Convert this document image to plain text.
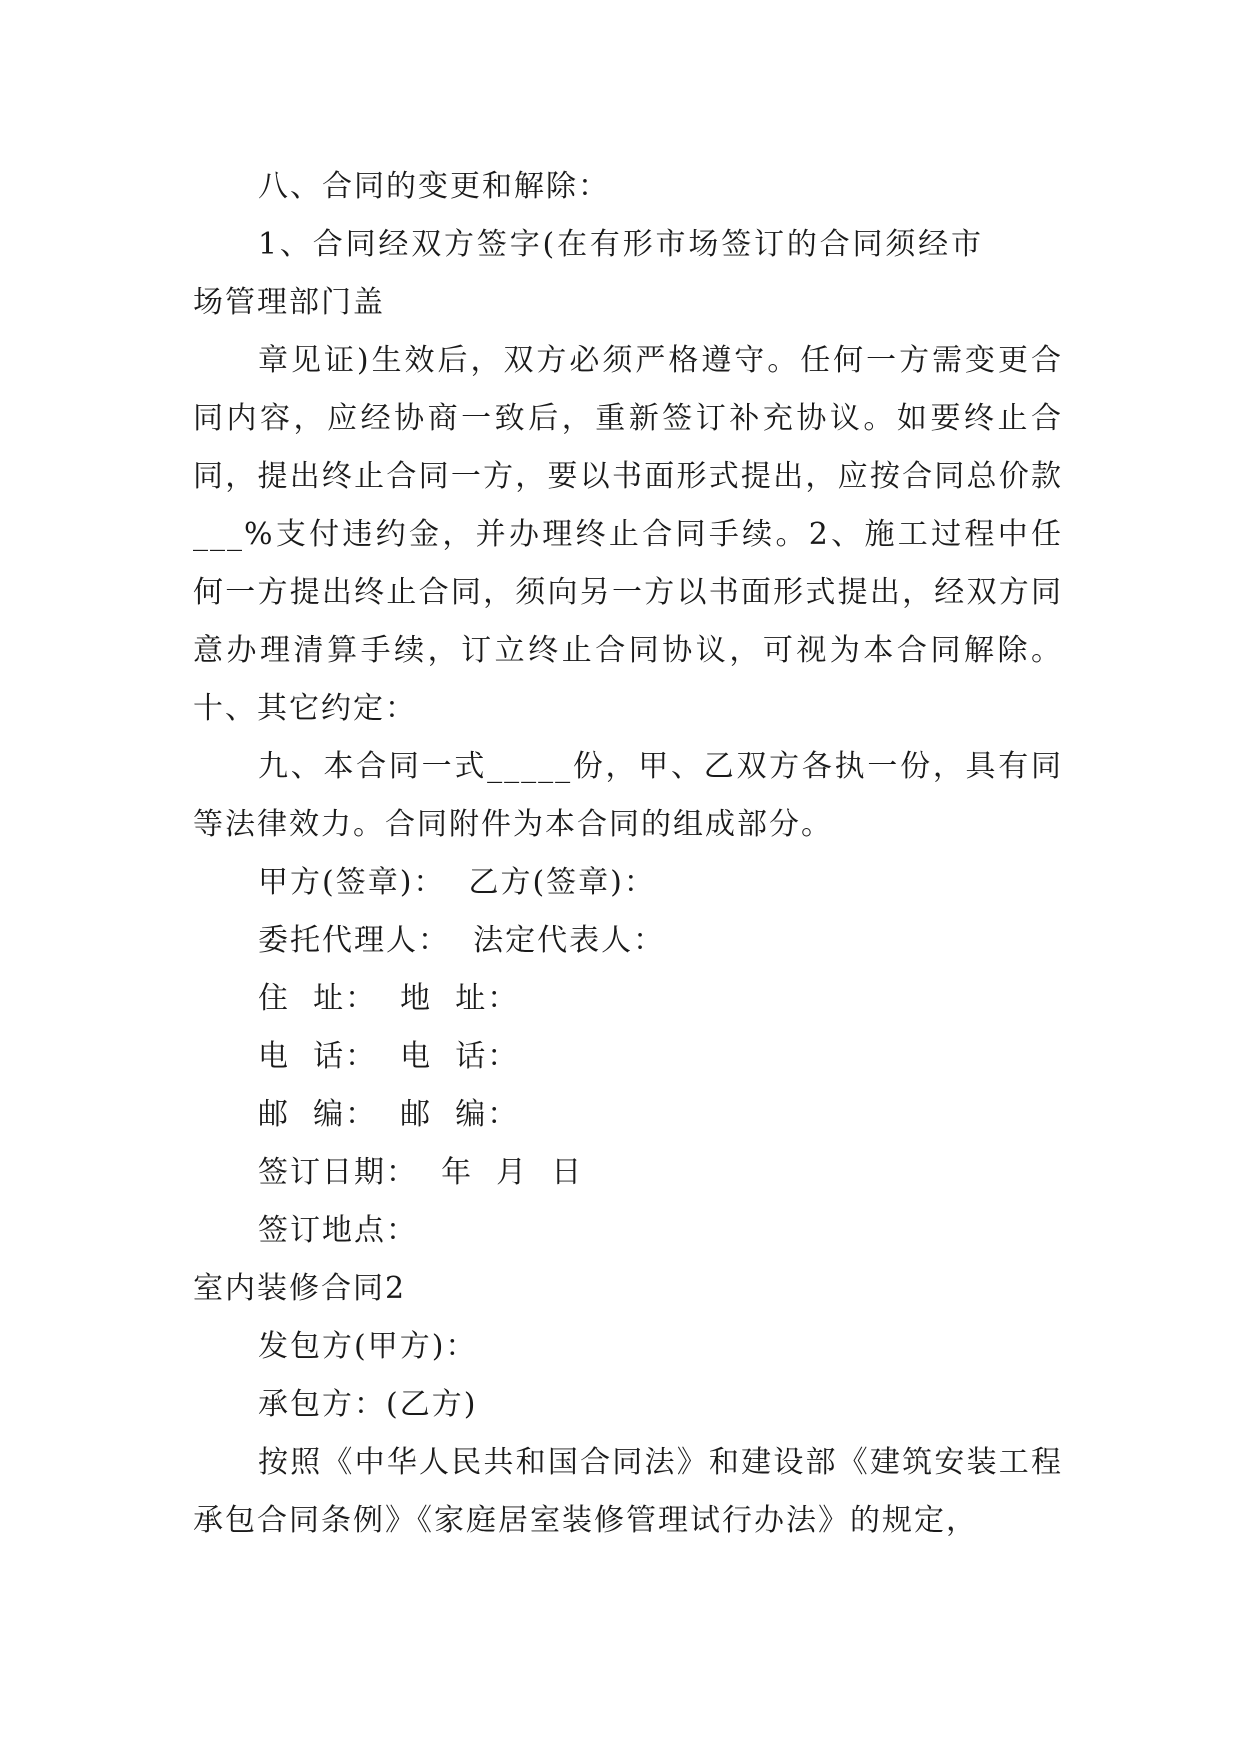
八、合同的变更和解除：

1、合同经双方签字(在有形市场签订的合同须经市场管理部门盖

章见证)生效后，双方必须严格遵守。任何一方需变更合同内容，应经协商一致后，重新签订补充协议。如要终止合同，提出终止合同一方，要以书面形式提出，应按合同总价款___%支付违约金，并办理终止合同手续。2、施工过程中任何一方提出终止合同，须向另一方以书面形式提出，经双方同意办理清算手续，订立终止合同协议，可视为本合同解除。十、其它约定：

九、本合同一式_____份，甲、乙双方各执一份，具有同等法律效力。合同附件为本合同的组成部分。

甲方(签章)：  乙方(签章)：

委托代理人：  法定代表人：

住  址：  地  址：

电  话：  电  话：

邮  编：  邮  编：

签订日期：  年  月  日

签订地点：

室内装修合同2

发包方(甲方)：

承包方：(乙方)

按照《中华人民共和国合同法》和建设部《建筑安装工程承包合同条例》《家庭居室装修管理试行办法》的规定，
